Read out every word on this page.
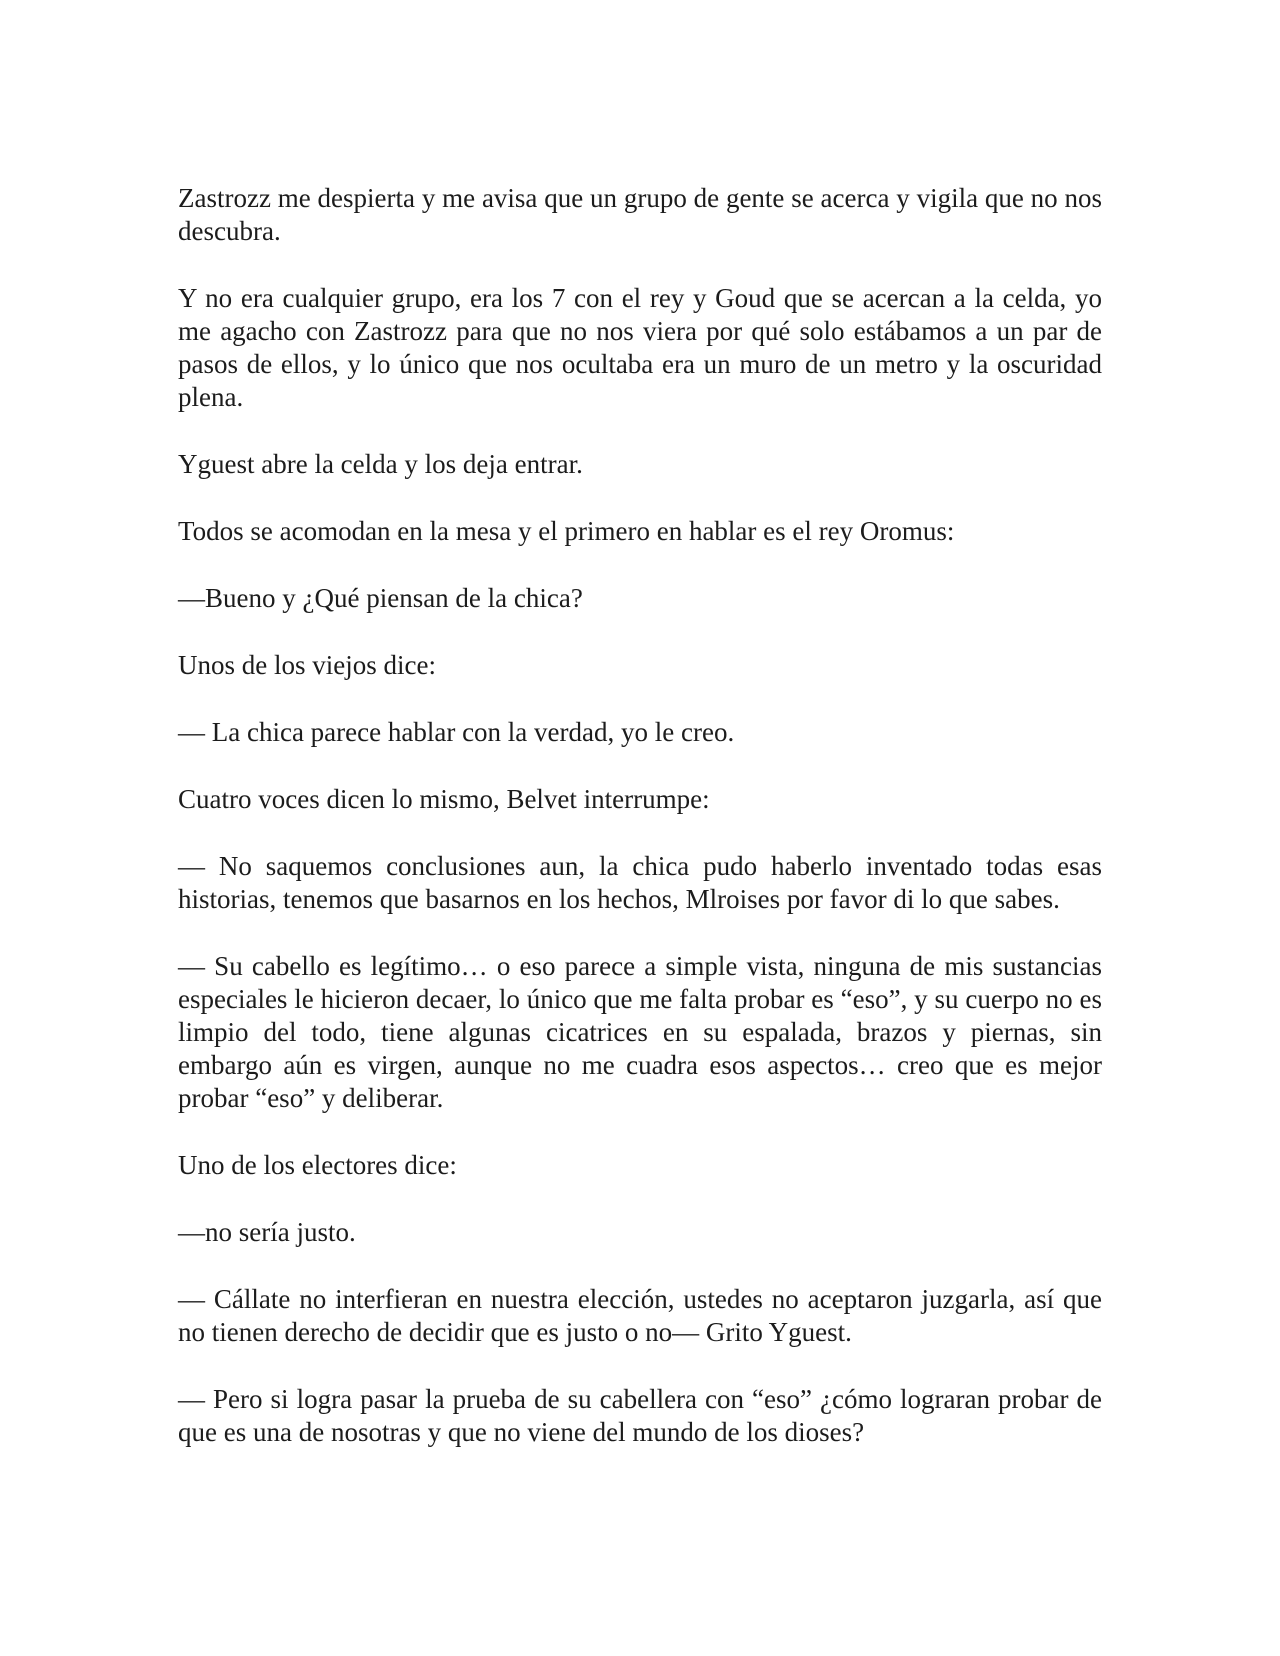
Zastrozz me despierta y me avisa que un grupo de gente se acerca y vigila que no nos descubra.

Y no era cualquier grupo, era los 7 con el rey y Goud que se acercan a la celda, yo me agacho con Zastrozz para que no nos viera por qué solo estábamos a un par de pasos de ellos, y lo único que nos ocultaba era un muro de un metro y la oscuridad plena.

Yguest abre la celda y los deja entrar.

Todos se acomodan en la mesa y el primero en hablar es el rey Oromus:

—Bueno y ¿Qué piensan de la chica?

Unos de los viejos dice:

— La chica parece hablar con la verdad, yo le creo.

Cuatro voces dicen lo mismo, Belvet interrumpe:

— No saquemos conclusiones aun, la chica pudo haberlo inventado todas esas historias, tenemos que basarnos en los hechos, Mlroises por favor di lo que sabes.

— Su cabello es legítimo… o eso parece a simple vista, ninguna de mis sustancias especiales le hicieron decaer, lo único que me falta probar es “eso”, y su cuerpo no es limpio del todo, tiene algunas cicatrices en su espalada, brazos y piernas, sin embargo aún es virgen, aunque no me cuadra esos aspectos… creo que es mejor probar “eso” y deliberar.

Uno de los electores dice:

—no sería justo.

— Cállate no interfieran en nuestra elección, ustedes no aceptaron juzgarla, así que no tienen derecho de decidir que es justo o no— Grito Yguest.

— Pero si logra pasar la prueba de su cabellera con “eso” ¿cómo lograran probar de que es una de nosotras y que no viene del mundo de los dioses?
